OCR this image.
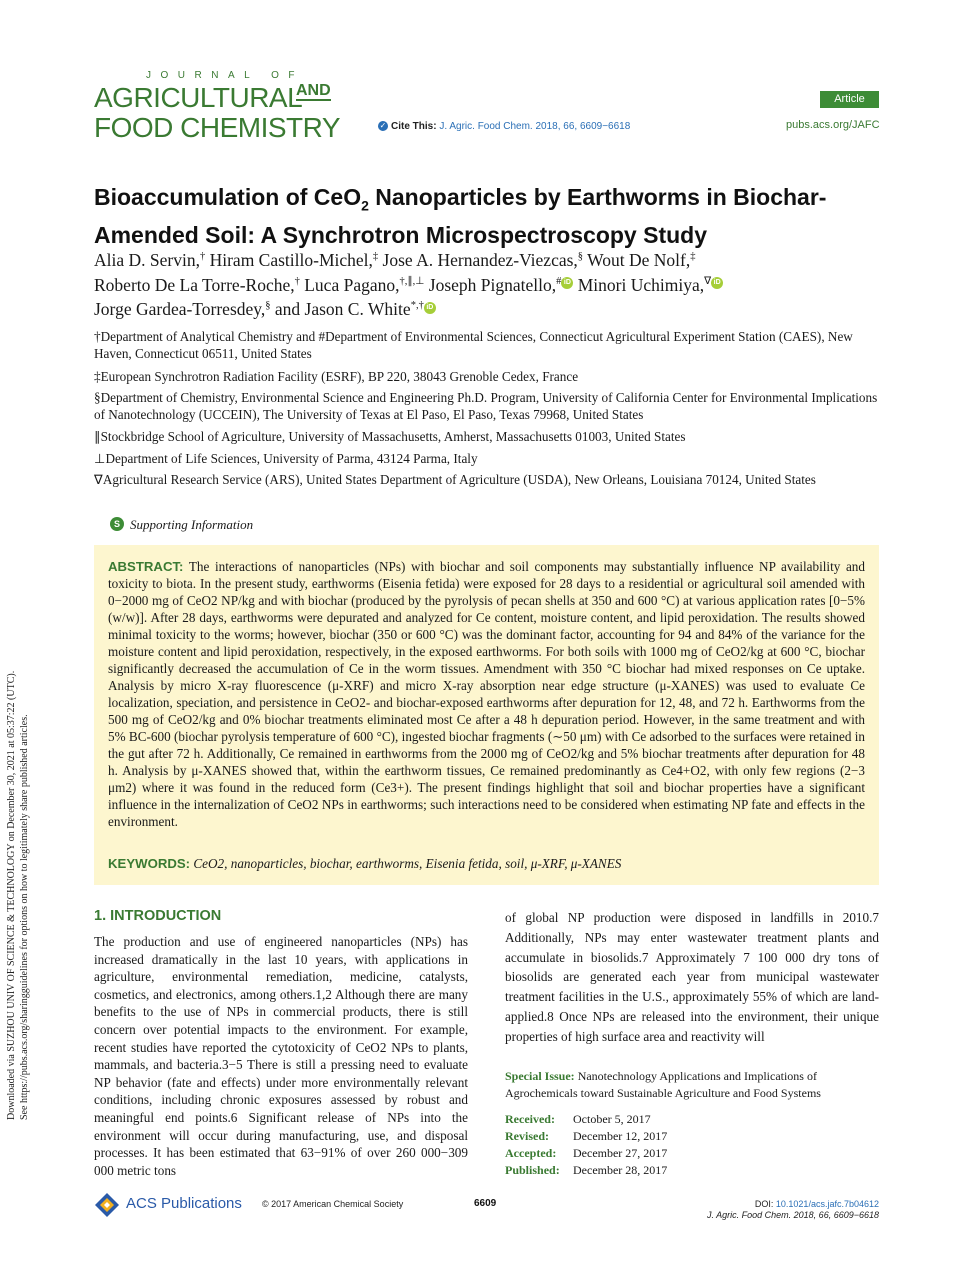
JOURNAL OF
AGRICULTURAL
AND
FOOD CHEMISTRY
Article
✓ Cite This: J. Agric. Food Chem. 2018, 66, 6609−6618	pubs.acs.org/JAFC
Bioaccumulation of CeO$_2$ Nanoparticles by Earthworms in Biochar-
Amended Soil: A Synchrotron Microspectroscopy Study
Alia D. Servin,† Hiram Castillo-Michel,‡ Jose A. Hernandez-Viezcas,§ Wout De Nolf,‡
Roberto De La Torre-Roche,† Luca Pagano,†,∥,⊥ Joseph Pignatello,# iD Minori Uchimiya,∇ iD
Jorge Gardea-Torresdey,§ and Jason C. White*,† iD
†Department of Analytical Chemistry and #Department of Environmental Sciences, Connecticut Agricultural Experiment Station (CAES), New Haven, Connecticut 06511, United States
‡European Synchrotron Radiation Facility (ESRF), BP 220, 38043 Grenoble Cedex, France
§Department of Chemistry, Environmental Science and Engineering Ph.D. Program, University of California Center for Environmental Implications of Nanotechnology (UCCEIN), The University of Texas at El Paso, El Paso, Texas 79968, United States
∥Stockbridge School of Agriculture, University of Massachusetts, Amherst, Massachusetts 01003, United States
⊥Department of Life Sciences, University of Parma, 43124 Parma, Italy
∇Agricultural Research Service (ARS), United States Department of Agriculture (USDA), New Orleans, Louisiana 70124, United States
S Supporting Information
ABSTRACT: The interactions of nanoparticles (NPs) with biochar and soil components may substantially influence NP availability and toxicity to biota. In the present study, earthworms (Eisenia fetida) were exposed for 28 days to a residential or agricultural soil amended with 0−2000 mg of CeO2 NP/kg and with biochar (produced by the pyrolysis of pecan shells at 350 and 600 °C) at various application rates [0−5% (w/w)]. After 28 days, earthworms were depurated and analyzed for Ce content, moisture content, and lipid peroxidation. The results showed minimal toxicity to the worms; however, biochar (350 or 600 °C) was the dominant factor, accounting for 94 and 84% of the variance for the moisture content and lipid peroxidation, respectively, in the exposed earthworms. For both soils with 1000 mg of CeO2/kg at 600 °C, biochar significantly decreased the accumulation of Ce in the worm tissues. Amendment with 350 °C biochar had mixed responses on Ce uptake. Analysis by micro X-ray fluorescence (μ-XRF) and micro X-ray absorption near edge structure (μ-XANES) was used to evaluate Ce localization, speciation, and persistence in CeO2- and biochar-exposed earthworms after depuration for 12, 48, and 72 h. Earthworms from the 500 mg of CeO2/kg and 0% biochar treatments eliminated most Ce after a 48 h depuration period. However, in the same treatment and with 5% BC-600 (biochar pyrolysis temperature of 600 °C), ingested biochar fragments (∼50 μm) with Ce adsorbed to the surfaces were retained in the gut after 72 h. Additionally, Ce remained in earthworms from the 2000 mg of CeO2/kg and 5% biochar treatments after depuration for 48 h. Analysis by μ-XANES showed that, within the earthworm tissues, Ce remained predominantly as Ce4+O2, with only few regions (2−3 μm2) where it was found in the reduced form (Ce3+). The present findings highlight that soil and biochar properties have a significant influence in the internalization of CeO2 NPs in earthworms; such interactions need to be considered when estimating NP fate and effects in the environment.
KEYWORDS: CeO2, nanoparticles, biochar, earthworms, Eisenia fetida, soil, μ-XRF, μ-XANES
1. INTRODUCTION
The production and use of engineered nanoparticles (NPs) has increased dramatically in the last 10 years, with applications in agriculture, environmental remediation, medicine, catalysts, cosmetics, and electronics, among others.1,2 Although there are many benefits to the use of NPs in commercial products, there is still concern over potential impacts to the environment. For example, recent studies have reported the cytotoxicity of CeO2 NPs to plants, mammals, and bacteria.3−5 There is still a pressing need to evaluate NP behavior (fate and effects) under more environmentally relevant conditions, including chronic exposures assessed by robust and meaningful end points.6 Significant release of NPs into the environment will occur during manufacturing, use, and disposal processes. It has been estimated that 63−91% of over 260 000−309 000 metric tons
of global NP production were disposed in landfills in 2010.7 Additionally, NPs may enter wastewater treatment plants and accumulate in biosolids.7 Approximately 7 100 000 dry tons of biosolids are generated each year from municipal wastewater treatment facilities in the U.S., approximately 55% of which are land-applied.8 Once NPs are released into the environment, their unique properties of high surface area and reactivity will
Special Issue: Nanotechnology Applications and Implications of Agrochemicals toward Sustainable Agriculture and Food Systems
Received:	October 5, 2017
Revised:	December 12, 2017
Accepted:	December 27, 2017
Published:	December 28, 2017
ACS Publications © 2017 American Chemical Society	6609	DOI: 10.1021/acs.jafc.7b04612
J. Agric. Food Chem. 2018, 66, 6609−6618
Downloaded via SUZHOU UNIV OF SCIENCE & TECHNOLOGY on December 30, 2021 at 05:37:22 (UTC). See https://pubs.acs.org/sharingguidelines for options on how to legitimately share published articles.
